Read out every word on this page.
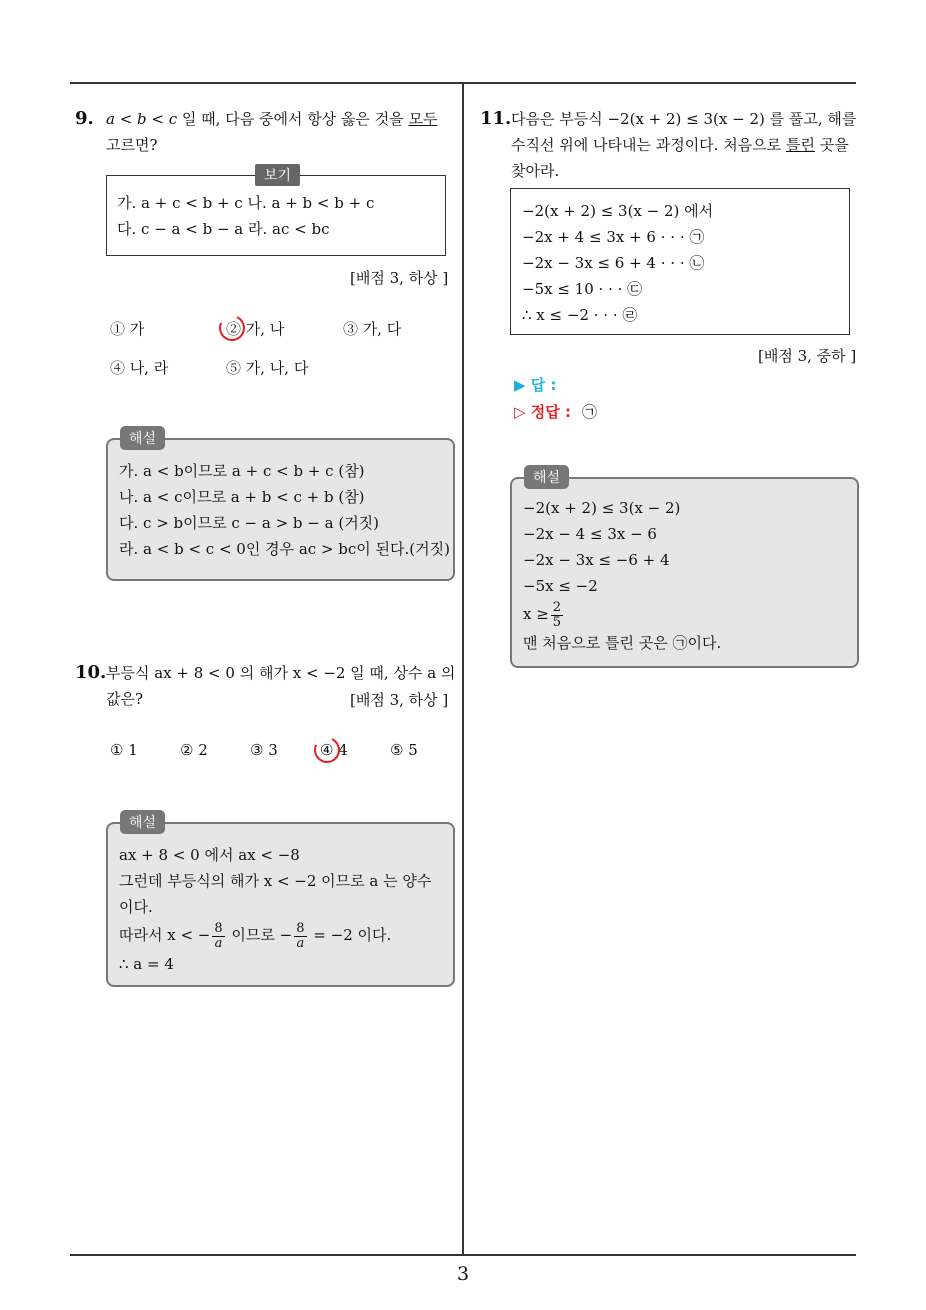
9. a < b < c 일 때, 다음 중에서 항상 옳은 것을 모두
고르면?
가. a + c < b + c 나. a + b < b + c
다. c − a < b − a 라. ac < bc
보기
[배점 3, 하상 ]
① 가	② 가, 나	③ 가, 다
④ 나, 라	⑤ 가, 나, 다
가. a < b이므로 a + c < b + c (참)
나. a < c이므로 a + b < c + b (참)
다. c > b이므로 c − a > b − a (거짓)
라. a < b < c < 0인 경우 ac > bc이 된다.(거짓)
해설
10. 부등식 ax + 8 < 0 의 해가 x < −2 일 때, 상수 a 의
값은?	[배점 3, 하상 ]
① 1	② 2	③ 3	④ 4	⑤ 5
ax + 8 < 0 에서 ax < −8
그런데 부등식의 해가 x < −2 이므로 a 는 양수
이다.
따라서 x < − $\frac{8}{a}$ 이므로 − $\frac{8}{a} = -2$ 이다.
∴ a = 4
해설
11. 다음은 부등식 −2(x + 2) ≤ 3(x − 2) 를 풀고, 해를
수직선 위에 나타내는 과정이다. 처음으로 틀린 곳을
찾아라.
−2(x + 2) ≤ 3(x − 2) 에서
−2x + 4 ≤ 3x + 6 · · · ㉠
−2x − 3x ≤ 6 + 4 · · · ㉡
−5x ≤ 10 · · · ㉢
∴ x ≤ −2 · · · ㉣
[배점 3, 중하 ]
▶ 답 :
▷ 정답 : ㉠
−2(x + 2) ≤ 3(x − 2)
−2x − 4 ≤ 3x − 6
−2x − 3x ≤ −6 + 4
−5x ≤ −2
$x \ge \frac{2}{5}$
맨 처음으로 틀린 곳은 ㉠이다.
해설
3
